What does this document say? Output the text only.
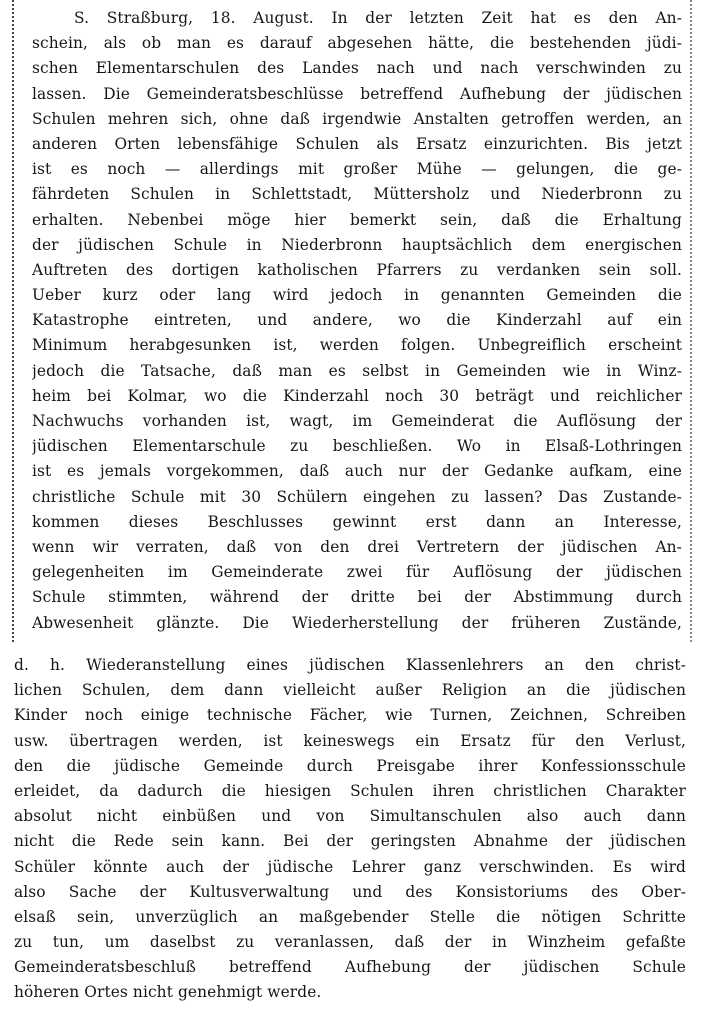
S. Straßburg, 18. August. In der letzten Zeit hat es den An-
schein, als ob man es darauf abgesehen hätte, die bestehenden jüdi-
schen Elementarschulen des Landes nach und nach verschwinden zu
lassen. Die Gemeinderatsbeschlüsse betreffend Aufhebung der jüdischen
Schulen mehren sich, ohne daß irgendwie Anstalten getroffen werden, an
anderen Orten lebensfähige Schulen als Ersatz einzurichten. Bis jetzt
ist es noch — allerdings mit großer Mühe — gelungen, die ge-
fährdeten Schulen in Schlettstadt, Müttersholz und Niederbronn zu
erhalten. Nebenbei möge hier bemerkt sein, daß die Erhaltung
der jüdischen Schule in Niederbronn hauptsächlich dem energischen
Auftreten des dortigen katholischen Pfarrers zu verdanken sein soll.
Ueber kurz oder lang wird jedoch in genannten Gemeinden die
Katastrophe eintreten, und andere, wo die Kinderzahl auf ein
Minimum herabgesunken ist, werden folgen. Unbegreiflich erscheint
jedoch die Tatsache, daß man es selbst in Gemeinden wie in Winz-
heim bei Kolmar, wo die Kinderzahl noch 30 beträgt und reichlicher
Nachwuchs vorhanden ist, wagt, im Gemeinderat die Auflösung der
jüdischen Elementarschule zu beschließen. Wo in Elsaß-Lothringen
ist es jemals vorgekommen, daß auch nur der Gedanke aufkam, eine
christliche Schule mit 30 Schülern eingehen zu lassen? Das Zustande-
kommen dieses Beschlusses gewinnt erst dann an Interesse,
wenn wir verraten, daß von den drei Vertretern der jüdischen An-
gelegenheiten im Gemeinderate zwei für Auflösung der jüdischen
Schule stimmten, während der dritte bei der Abstimmung durch
Abwesenheit glänzte. Die Wiederherstellung der früheren Zustände,
d. h. Wiederanstellung eines jüdischen Klassenlehrers an den christ-
lichen Schulen, dem dann vielleicht außer Religion an die jüdischen
Kinder noch einige technische Fächer, wie Turnen, Zeichnen, Schreiben
usw. übertragen werden, ist keineswegs ein Ersatz für den Verlust,
den die jüdische Gemeinde durch Preisgabe ihrer Konfessionsschule
erleidet, da dadurch die hiesigen Schulen ihren christlichen Charakter
absolut nicht einbüßen und von Simultanschulen also auch dann
nicht die Rede sein kann. Bei der geringsten Abnahme der jüdischen
Schüler könnte auch der jüdische Lehrer ganz verschwinden. Es wird
also Sache der Kultusverwaltung und des Konsistoriums des Ober-
elsaß sein, unverzüglich an maßgebender Stelle die nötigen Schritte
zu tun, um daselbst zu veranlassen, daß der in Winzheim gefaßte
Gemeinderatsbeschluß betreffend Aufhebung der jüdischen Schule
höheren Ortes nicht genehmigt werde.
